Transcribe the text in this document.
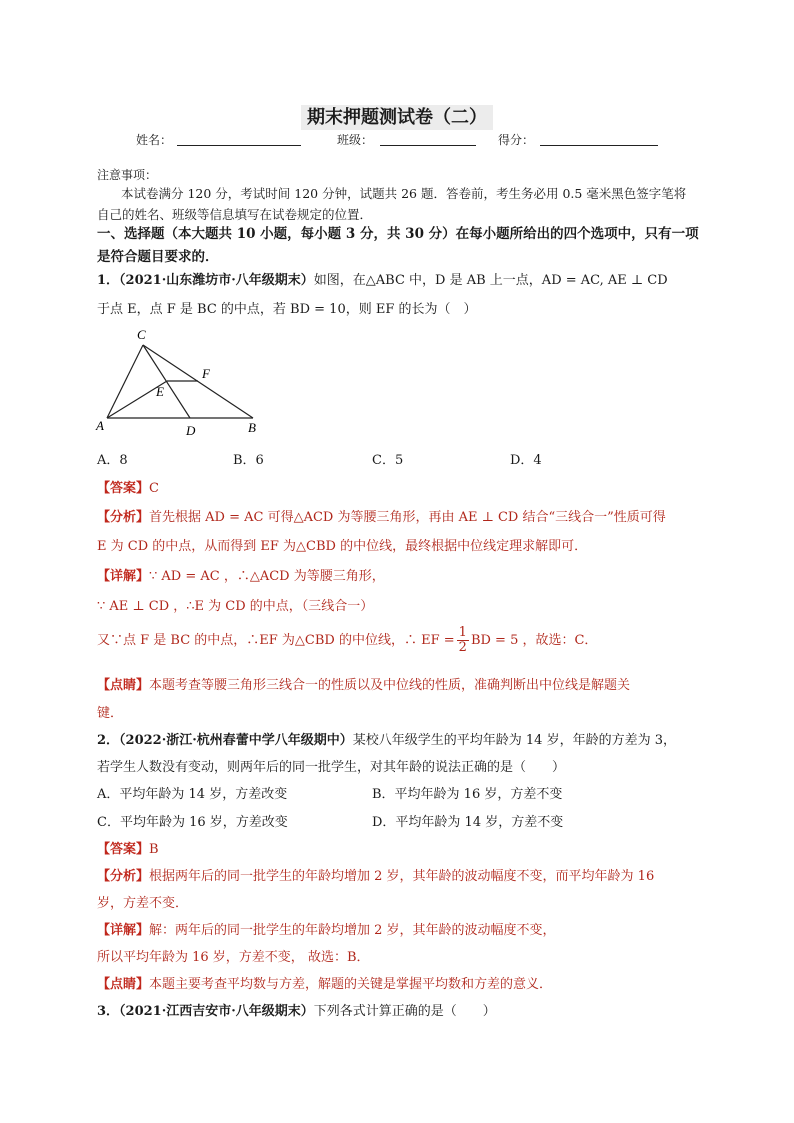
期末押题测试卷（二）
姓名：	班级：	得分：
注意事项：
本试卷满分 120 分，考试时间 120 分钟，试题共 26 题．答卷前，考生务必用 0.5 毫米黑色签字笔将自己的姓名、班级等信息填写在试卷规定的位置．
一、选择题（本大题共 10 小题，每小题 3 分，共 30 分）在每小题所给出的四个选项中，只有一项是符合题目要求的．
1．（2021·山东潍坊市·八年级期末）如图，在△ABC 中，D 是 AB 上一点，AD = AC, AE ⊥ CD
于点 E，点 F 是 BC 的中点，若 BD = 10，则 EF 的长为（　）
C
F
E
A	D	B
A．8	B．6	C．5	D．4
【答案】C
【分析】首先根据 AD = AC 可得△ACD 为等腰三角形，再由 AE ⊥ CD 结合“三线合一”性质可得
E 为 CD 的中点，从而得到 EF 为△CBD 的中位线，最终根据中位线定理求解即可．
【详解】∵ AD = AC ，∴△ACD 为等腰三角形，
∵ AE ⊥ CD ，∴E 为 CD 的中点，（三线合一）
又∵点 F 是 BC 的中点，∴EF 为△CBD 的中位线，∴ EF = $\frac{1}{2}$ BD = 5 ，故选：C．
【点睛】本题考查等腰三角形三线合一的性质以及中位线的性质，准确判断出中位线是解题关
键．
2．（2022·浙江·杭州春蕾中学八年级期中）某校八年级学生的平均年龄为 14 岁，年龄的方差为 3，
若学生人数没有变动，则两年后的同一批学生，对其年龄的说法正确的是（　　）
A．平均年龄为 14 岁，方差改变	B．平均年龄为 16 岁，方差不变
C．平均年龄为 16 岁，方差改变	D．平均年龄为 14 岁，方差不变
【答案】B
【分析】根据两年后的同一批学生的年龄均增加 2 岁，其年龄的波动幅度不变，而平均年龄为 16
岁，方差不变．
【详解】解：两年后的同一批学生的年龄均增加 2 岁，其年龄的波动幅度不变，
所以平均年龄为 16 岁，方差不变， 故选：B．
【点睛】本题主要考查平均数与方差，解题的关键是掌握平均数和方差的意义．
3．（2021·江西吉安市·八年级期末）下列各式计算正确的是（　　）
